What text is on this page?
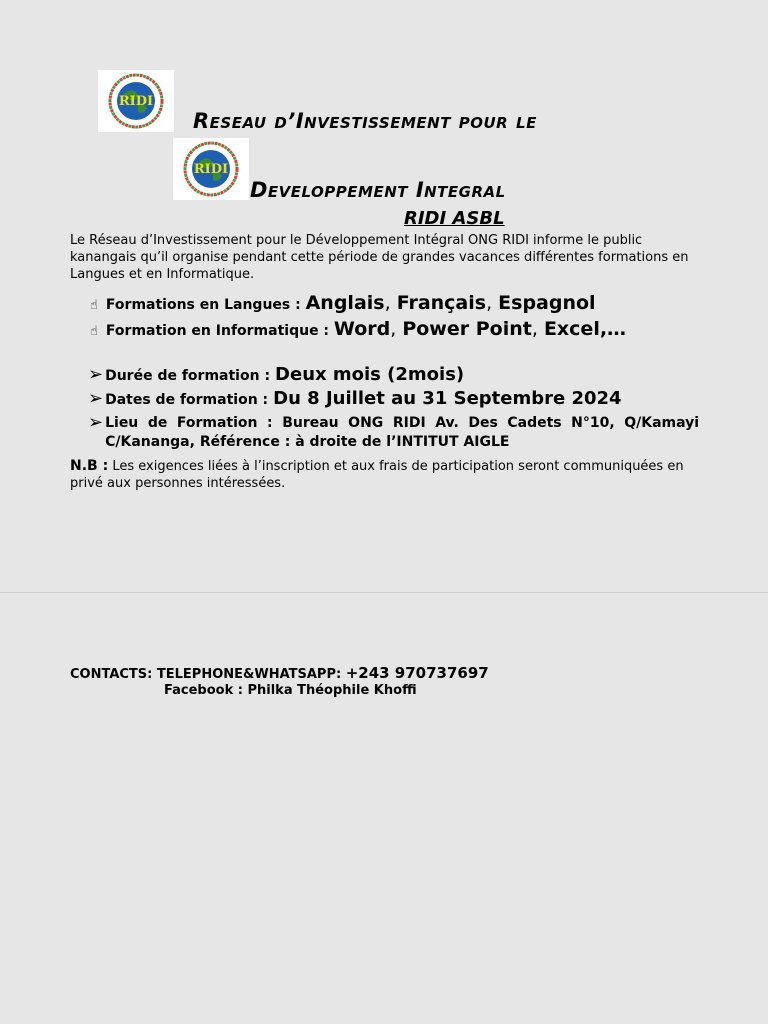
RIDI
RIDI
Reseau d’Investissement pour le
Developpement Integral
RIDI ASBL
Le Réseau d’Investissement pour le Développement Intégral ONG RIDI informe le public kanangais qu’il organise pendant cette période de grandes vacances différentes formations en Langues et en Informatique.
☝ Formations en Langues :
Anglais , Français , Espagnol
☝ Formation en Informatique :
Word , Power Point , Excel,…
➢ Durée de formation : Deux mois (2mois)
➢ Dates de formation : Du 8 Juillet au 31 Septembre 2024
➢ Lieu de Formation : Bureau ONG RIDI Av. Des Cadets N°10, Q/Kamayi C/Kananga, Référence : à droite de l’INTITUT AIGLE
N.B : Les exigences liées à l’inscription et aux frais de participation seront communiquées en privé aux personnes intéressées.
CONTACTS: TELEPHONE&WHATSAPP: +243 970737697
Facebook : Philka Théophile Khoffi
